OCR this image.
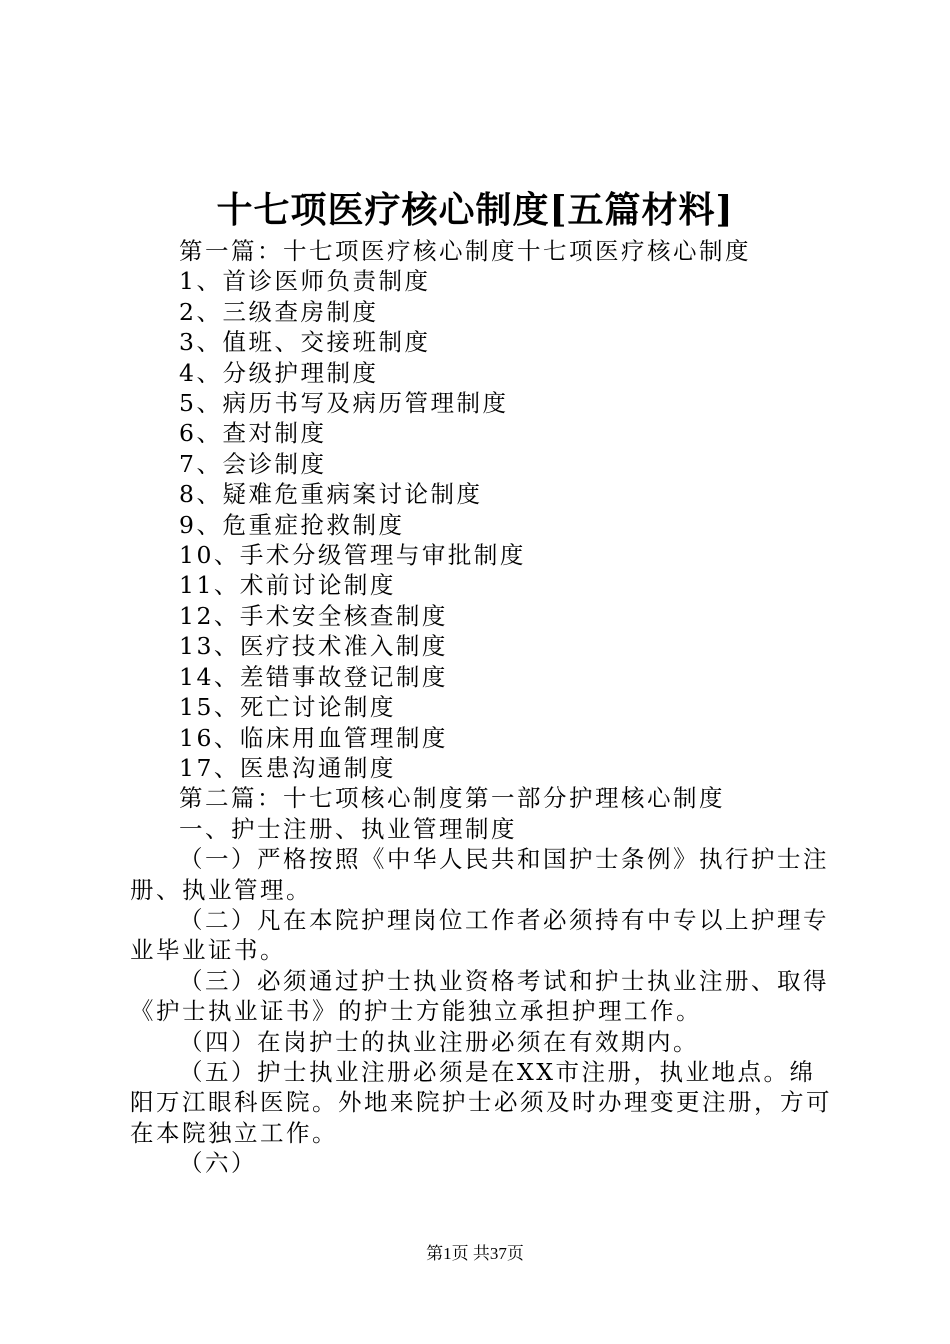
十七项医疗核心制度[五篇材料]

第一篇：十七项医疗核心制度十七项医疗核心制度

1、首诊医师负责制度

2、三级查房制度

3、值班、交接班制度

4、分级护理制度

5、病历书写及病历管理制度

6、查对制度

7、会诊制度

8、疑难危重病案讨论制度

9、危重症抢救制度

10、手术分级管理与审批制度

11、术前讨论制度

12、手术安全核查制度

13、医疗技术准入制度

14、差错事故登记制度

15、死亡讨论制度

16、临床用血管理制度

17、医患沟通制度

第二篇：十七项核心制度第一部分护理核心制度

一、护士注册、执业管理制度

（一）严格按照《中华人民共和国护士条例》执行护士注册、执业管理。

（二）凡在本院护理岗位工作者必须持有中专以上护理专业毕业证书。

（三）必须通过护士执业资格考试和护士执业注册、取得《护士执业证书》的护士方能独立承担护理工作。

（四）在岗护士的执业注册必须在有效期内。

（五）护士执业注册必须是在XX市注册，执业地点。绵阳万江眼科医院。外地来院护士必须及时办理变更注册，方可在本院独立工作。

（六）

第1页 共37页
